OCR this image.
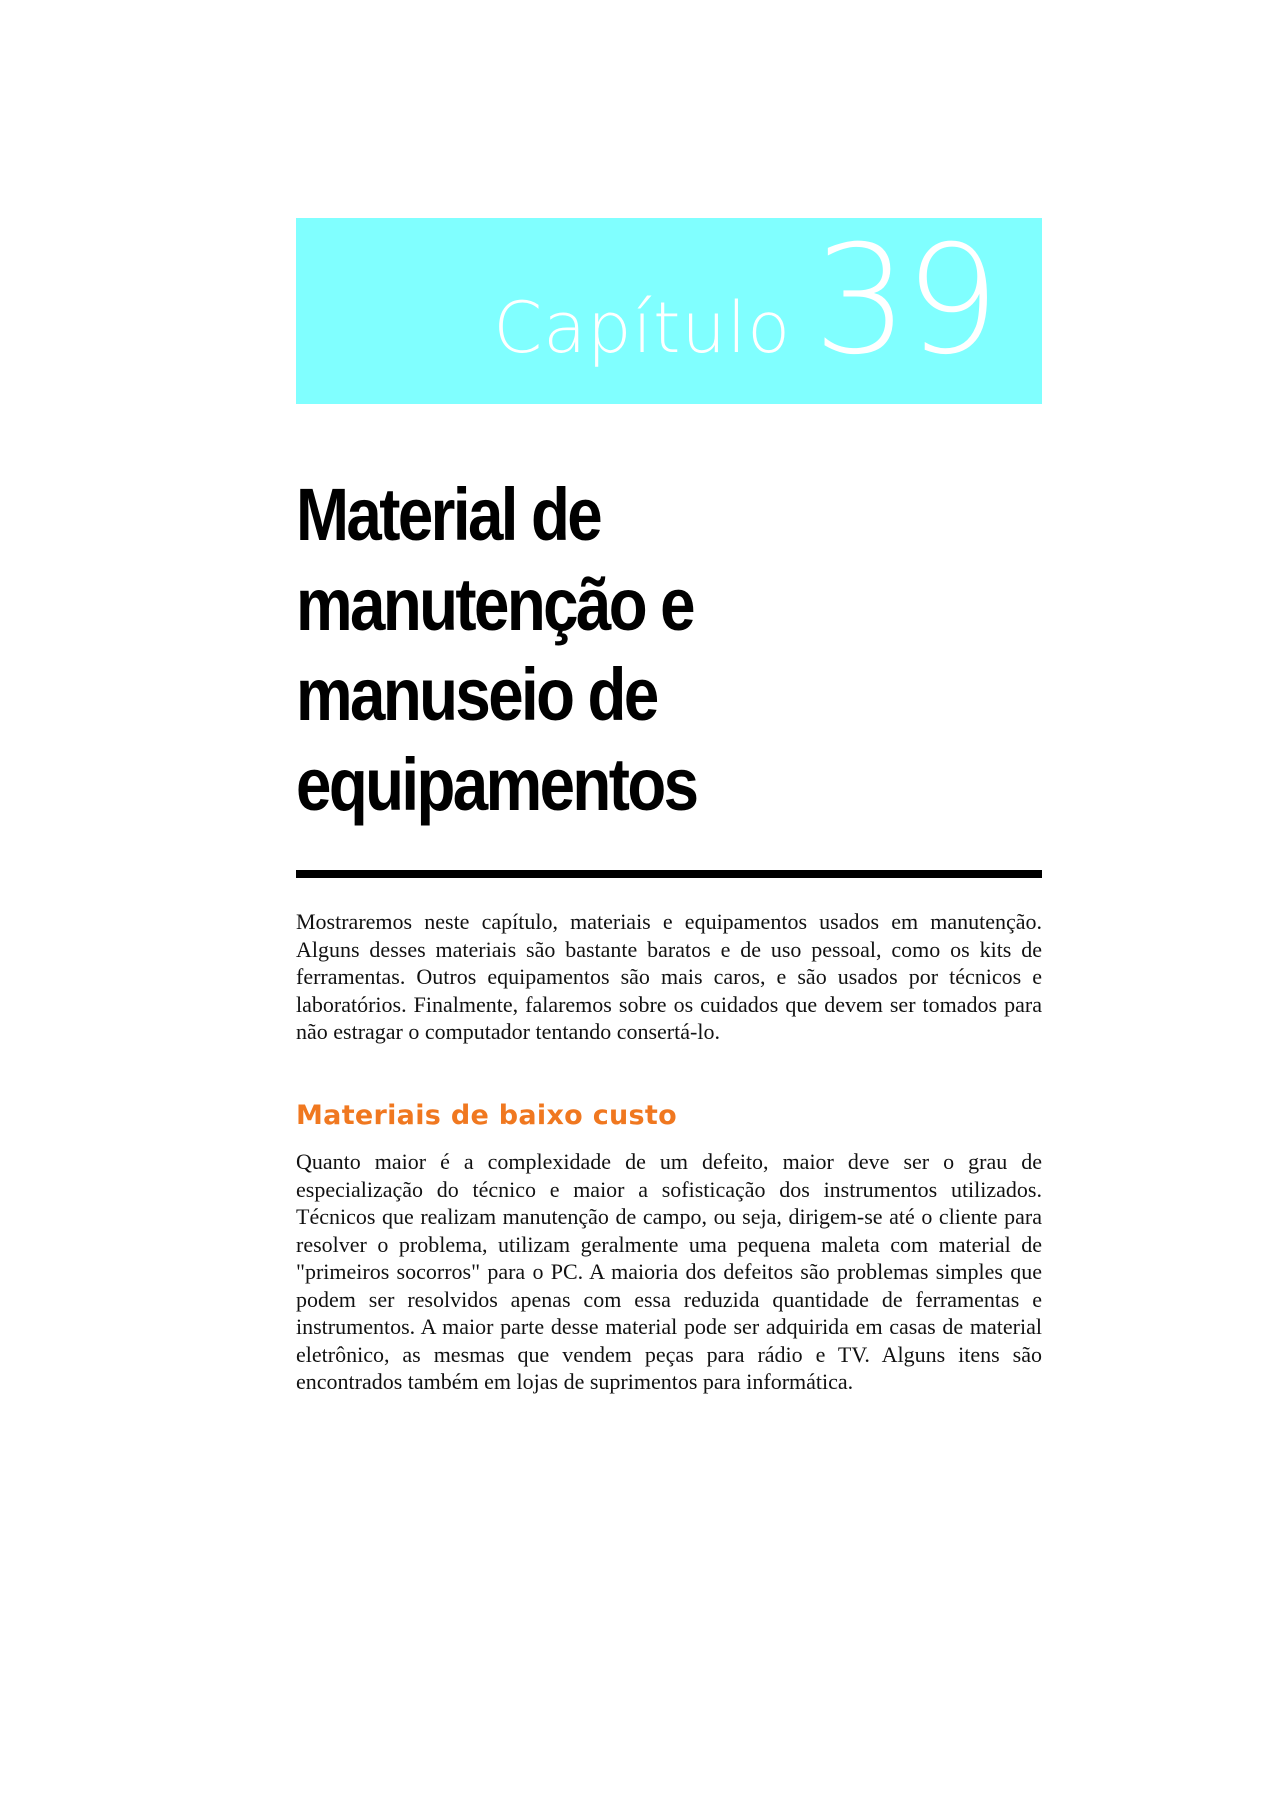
Capítulo 39
Material de
manutenção e
manuseio de
equipamentos

Mostraremos neste capítulo, materiais e equipamentos usados em manutenção. Alguns desses materiais são bastante baratos e de uso pessoal, como os kits de ferramentas. Outros equipamentos são mais caros, e são usados por técnicos e laboratórios. Finalmente, falaremos sobre os cuidados que devem ser tomados para não estragar o computador tentando consertá-lo.

Materiais de baixo custo

Quanto maior é a complexidade de um defeito, maior deve ser o grau de especialização do técnico e maior a sofisticação dos instrumentos utilizados. Técnicos que realizam manutenção de campo, ou seja, dirigem-se até o cliente para resolver o problema, utilizam geralmente uma pequena maleta com material de "primeiros socorros" para o PC. A maioria dos defeitos são problemas simples que podem ser resolvidos apenas com essa reduzida quantidade de ferramentas e instrumentos. A maior parte desse material pode ser adquirida em casas de material eletrônico, as mesmas que vendem peças para rádio e TV. Alguns itens são encontrados também em lojas de suprimentos para informática.
